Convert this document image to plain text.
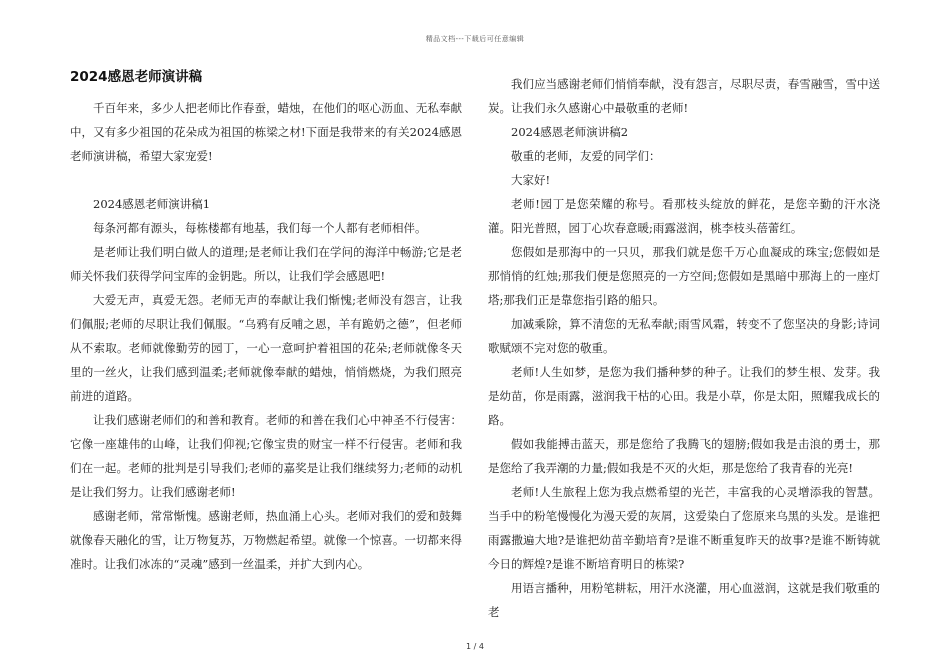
精品文档---下载后可任意编辑
2024感恩老师演讲稿

千百年来，多少人把老师比作春蚕，蜡烛，在他们的呕心沥血、无私奉献中，又有多少祖国的花朵成为祖国的栋梁之材!下面是我带来的有关2024感恩老师演讲稿，希望大家宠爱!

2024感恩老师演讲稿1

每条河都有源头，每栋楼都有地基，我们每一个人都有老师相伴。

是老师让我们明白做人的道理;是老师让我们在学问的海洋中畅游;它是老师关怀我们获得学问宝库的金钥匙。所以，让我们学会感恩吧!

大爱无声，真爱无怨。老师无声的奉献让我们惭愧;老师没有怨言，让我们佩服;老师的尽职让我们佩服。“乌鸦有反哺之恩，羊有跪奶之德”，但老师从不索取。老师就像勤劳的园丁，一心一意呵护着祖国的花朵;老师就像冬天里的一丝火，让我们感到温柔;老师就像奉献的蜡烛，悄悄燃烧，为我们照亮前进的道路。

让我们感谢老师们的和善和教育。老师的和善在我们心中神圣不行侵害：它像一座雄伟的山峰，让我们仰视;它像宝贵的财宝一样不行侵害。老师和我们在一起。老师的批判是引导我们;老师的嘉奖是让我们继续努力;老师的动机是让我们努力。让我们感谢老师!

感谢老师，常常惭愧。感谢老师，热血涌上心头。老师对我们的爱和鼓舞就像春天融化的雪，让万物复苏，万物燃起希望。就像一个惊喜。一切都来得准时。让我们冰冻的“灵魂”感到一丝温柔，并扩大到内心。

我们应当感谢老师们悄悄奉献，没有怨言，尽职尽责，春雪融雪，雪中送炭。让我们永久感谢心中最敬重的老师!

2024感恩老师演讲稿2

敬重的老师，友爱的同学们：

大家好!

老师!园丁是您荣耀的称号。看那枝头绽放的鲜花，是您辛勤的汗水浇灌。阳光普照，园丁心坎春意暖;雨露滋润，桃李枝头蓓蕾红。

您假如是那海中的一只贝，那我们就是您千万心血凝成的珠宝;您假如是那悄悄的红烛;那我们便是您照亮的一方空间;您假如是黑暗中那海上的一座灯塔;那我们正是靠您指引路的船只。

加减乘除，算不清您的无私奉献;雨雪风霜，转变不了您坚决的身影;诗词歌赋颂不完对您的敬重。

老师!人生如梦，是您为我们播种梦的种子。让我们的梦生根、发芽。我是幼苗，你是雨露，滋润我干枯的心田。我是小草，你是太阳，照耀我成长的路。

假如我能搏击蓝天，那是您给了我腾飞的翅膀;假如我是击浪的勇士，那是您给了我弄潮的力量;假如我是不灭的火炬，那是您给了我青春的光亮!

老师!人生旅程上您为我点燃希望的光芒，丰富我的心灵增添我的智慧。当手中的粉笔慢慢化为漫天爱的灰屑，这爱染白了您原来乌黑的头发。是谁把雨露撒遍大地?是谁把幼苗辛勤培育?是谁不断重复昨天的故事?是谁不断铸就今日的辉煌?是谁不断培育明日的栋梁?

用语言播种，用粉笔耕耘，用汗水浇灌，用心血滋润，这就是我们敬重的老

1 / 4
